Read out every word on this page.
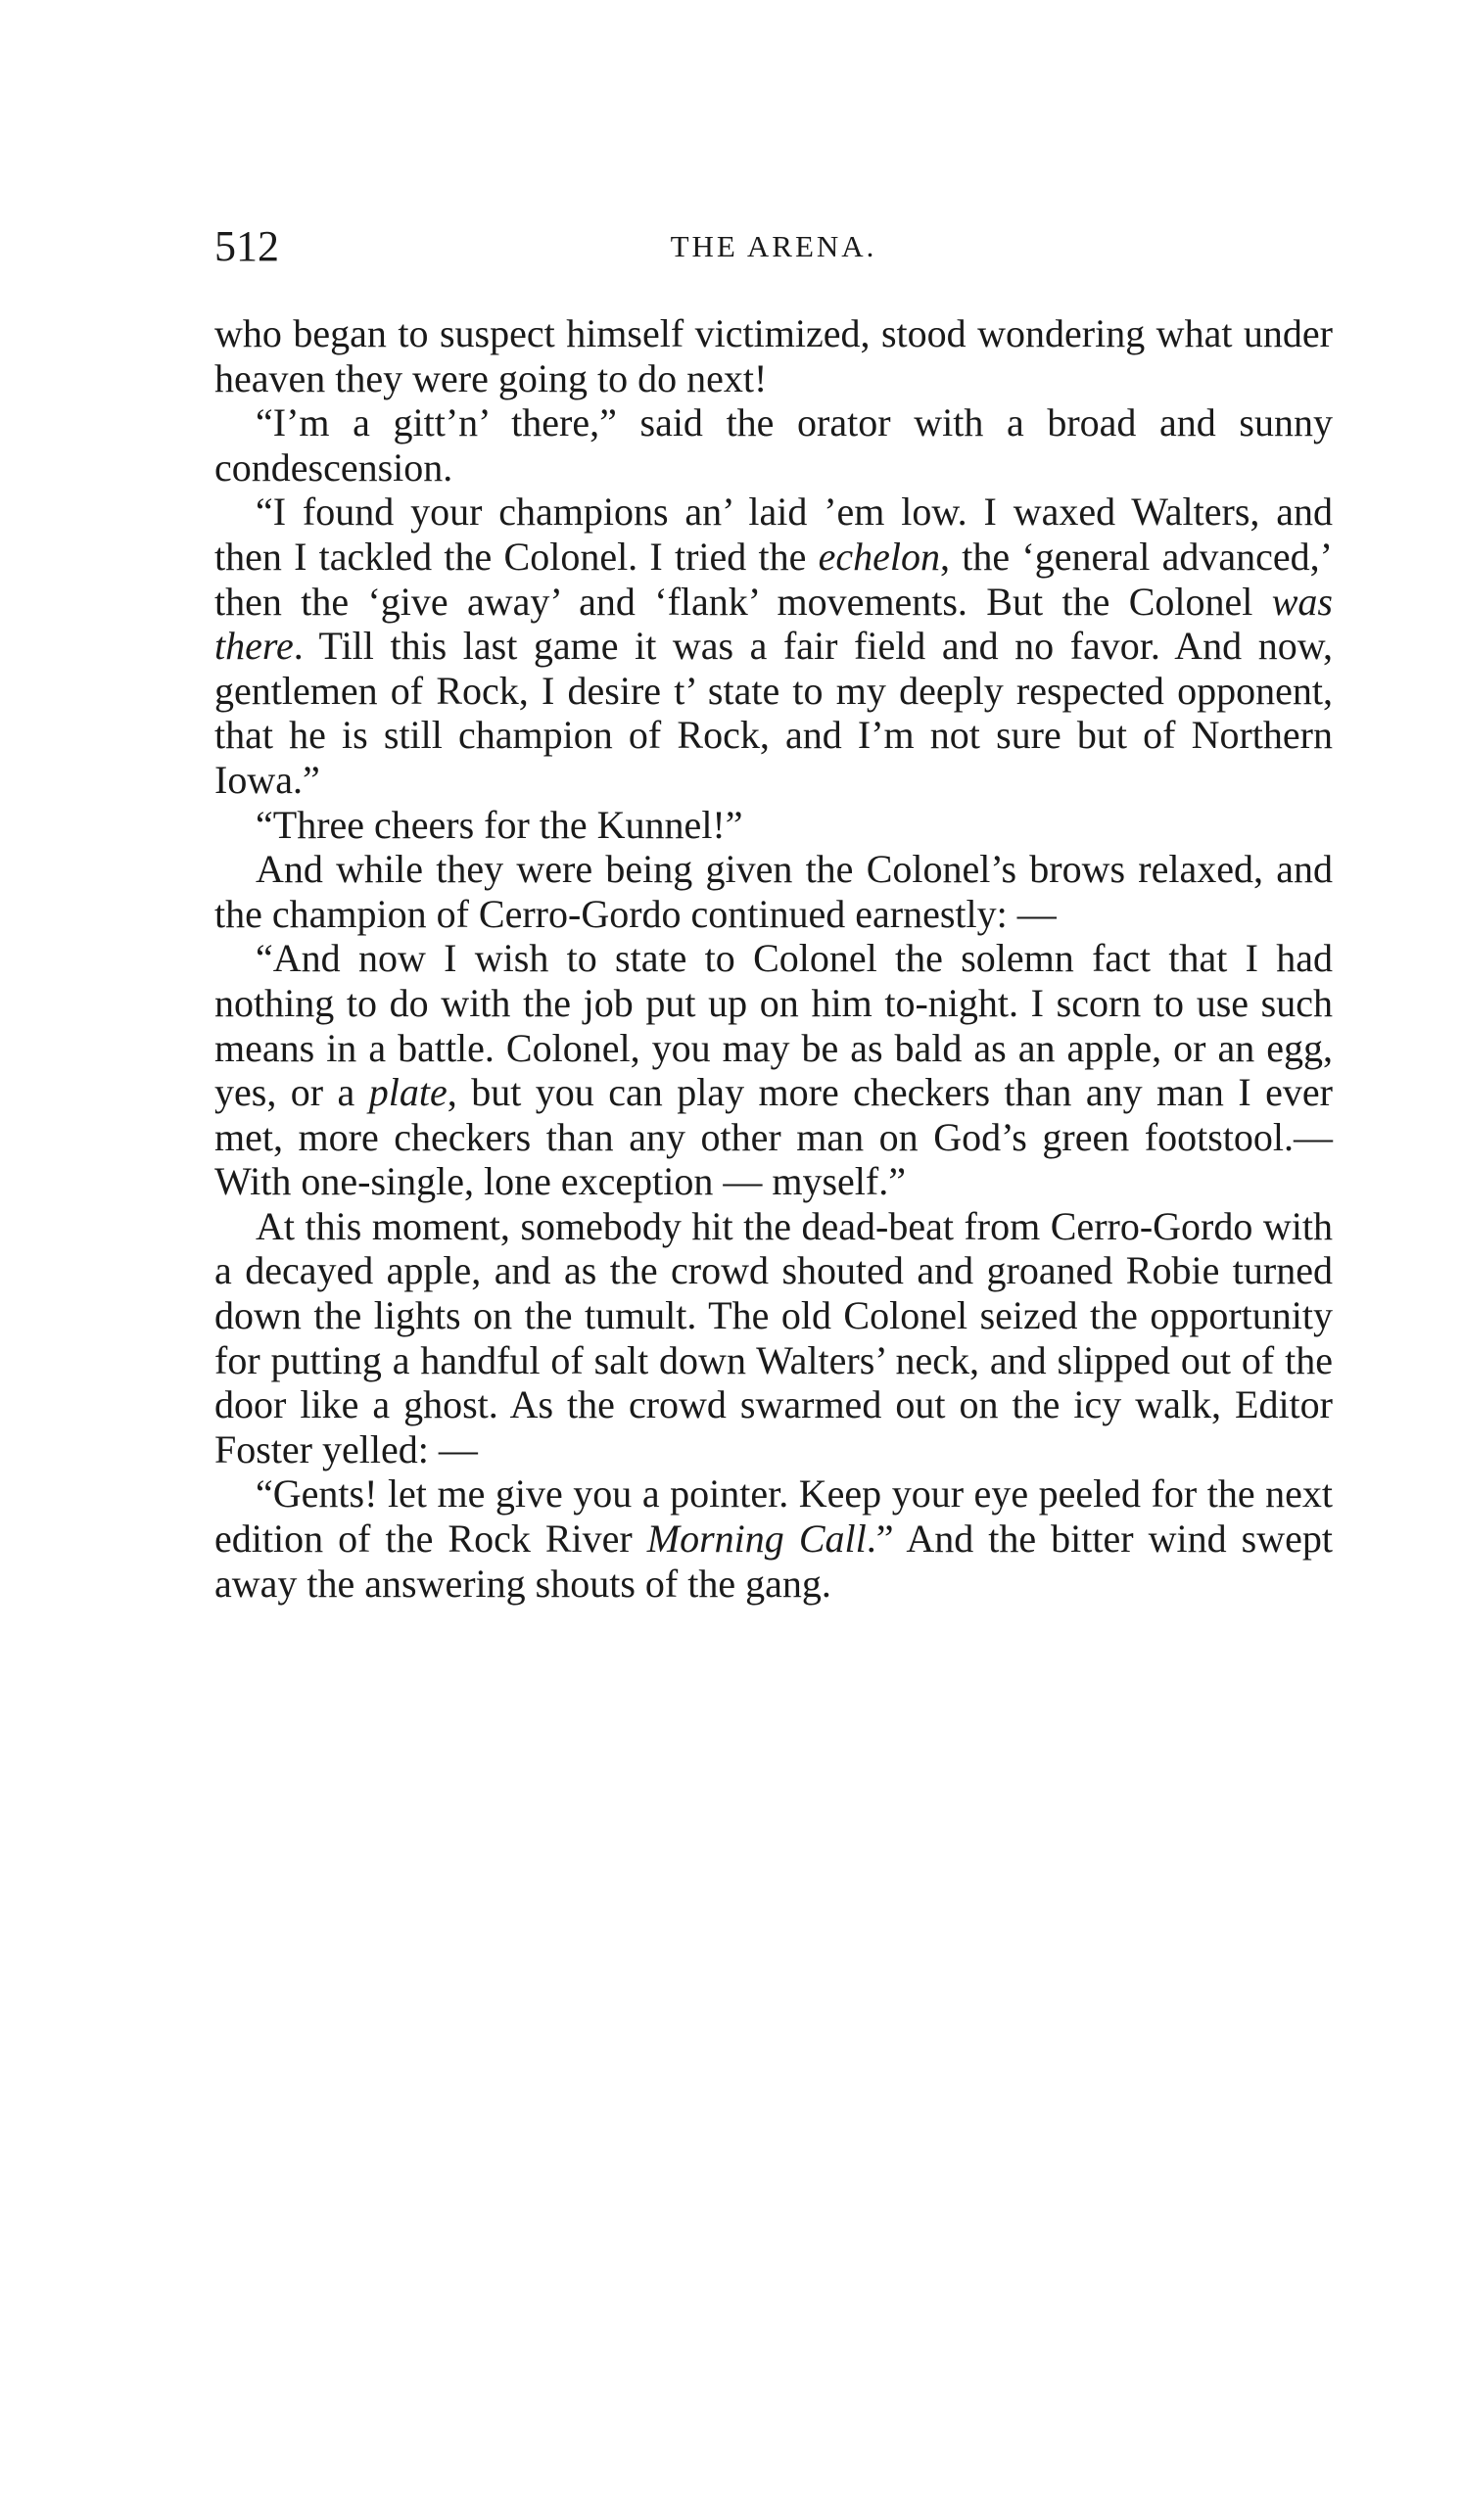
512	THE ARENA.

who began to suspect himself victimized, stood wondering what under heaven they were going to do next!

“I’m a gitt’n’ there,” said the orator with a broad and sunny condescension.

“I found your champions an’ laid ’em low. I waxed Walters, and then I tackled the Colonel. I tried the echelon, the ‘general advanced,’ then the ‘give away’ and ‘flank’ movements. But the Colonel was there. Till this last game it was a fair field and no favor. And now, gentlemen of Rock, I desire t’ state to my deeply respected opponent, that he is still champion of Rock, and I’m not sure but of Northern Iowa.”

“Three cheers for the Kunnel!”

And while they were being given the Colonel’s brows relaxed, and the champion of Cerro-Gordo continued earnestly: —

“And now I wish to state to Colonel the solemn fact that I had nothing to do with the job put up on him to-night. I scorn to use such means in a battle. Colonel, you may be as bald as an apple, or an egg, yes, or a plate, but you can play more checkers than any man I ever met, more checkers than any other man on God’s green footstool.—With one-single, lone exception — myself.”

At this moment, somebody hit the dead-beat from Cerro-Gordo with a decayed apple, and as the crowd shouted and groaned Robie turned down the lights on the tumult. The old Colonel seized the opportunity for putting a handful of salt down Walters’ neck, and slipped out of the door like a ghost. As the crowd swarmed out on the icy walk, Editor Foster yelled: —

“Gents! let me give you a pointer. Keep your eye peeled for the next edition of the Rock River Morning Call.” And the bitter wind swept away the answering shouts of the gang.
